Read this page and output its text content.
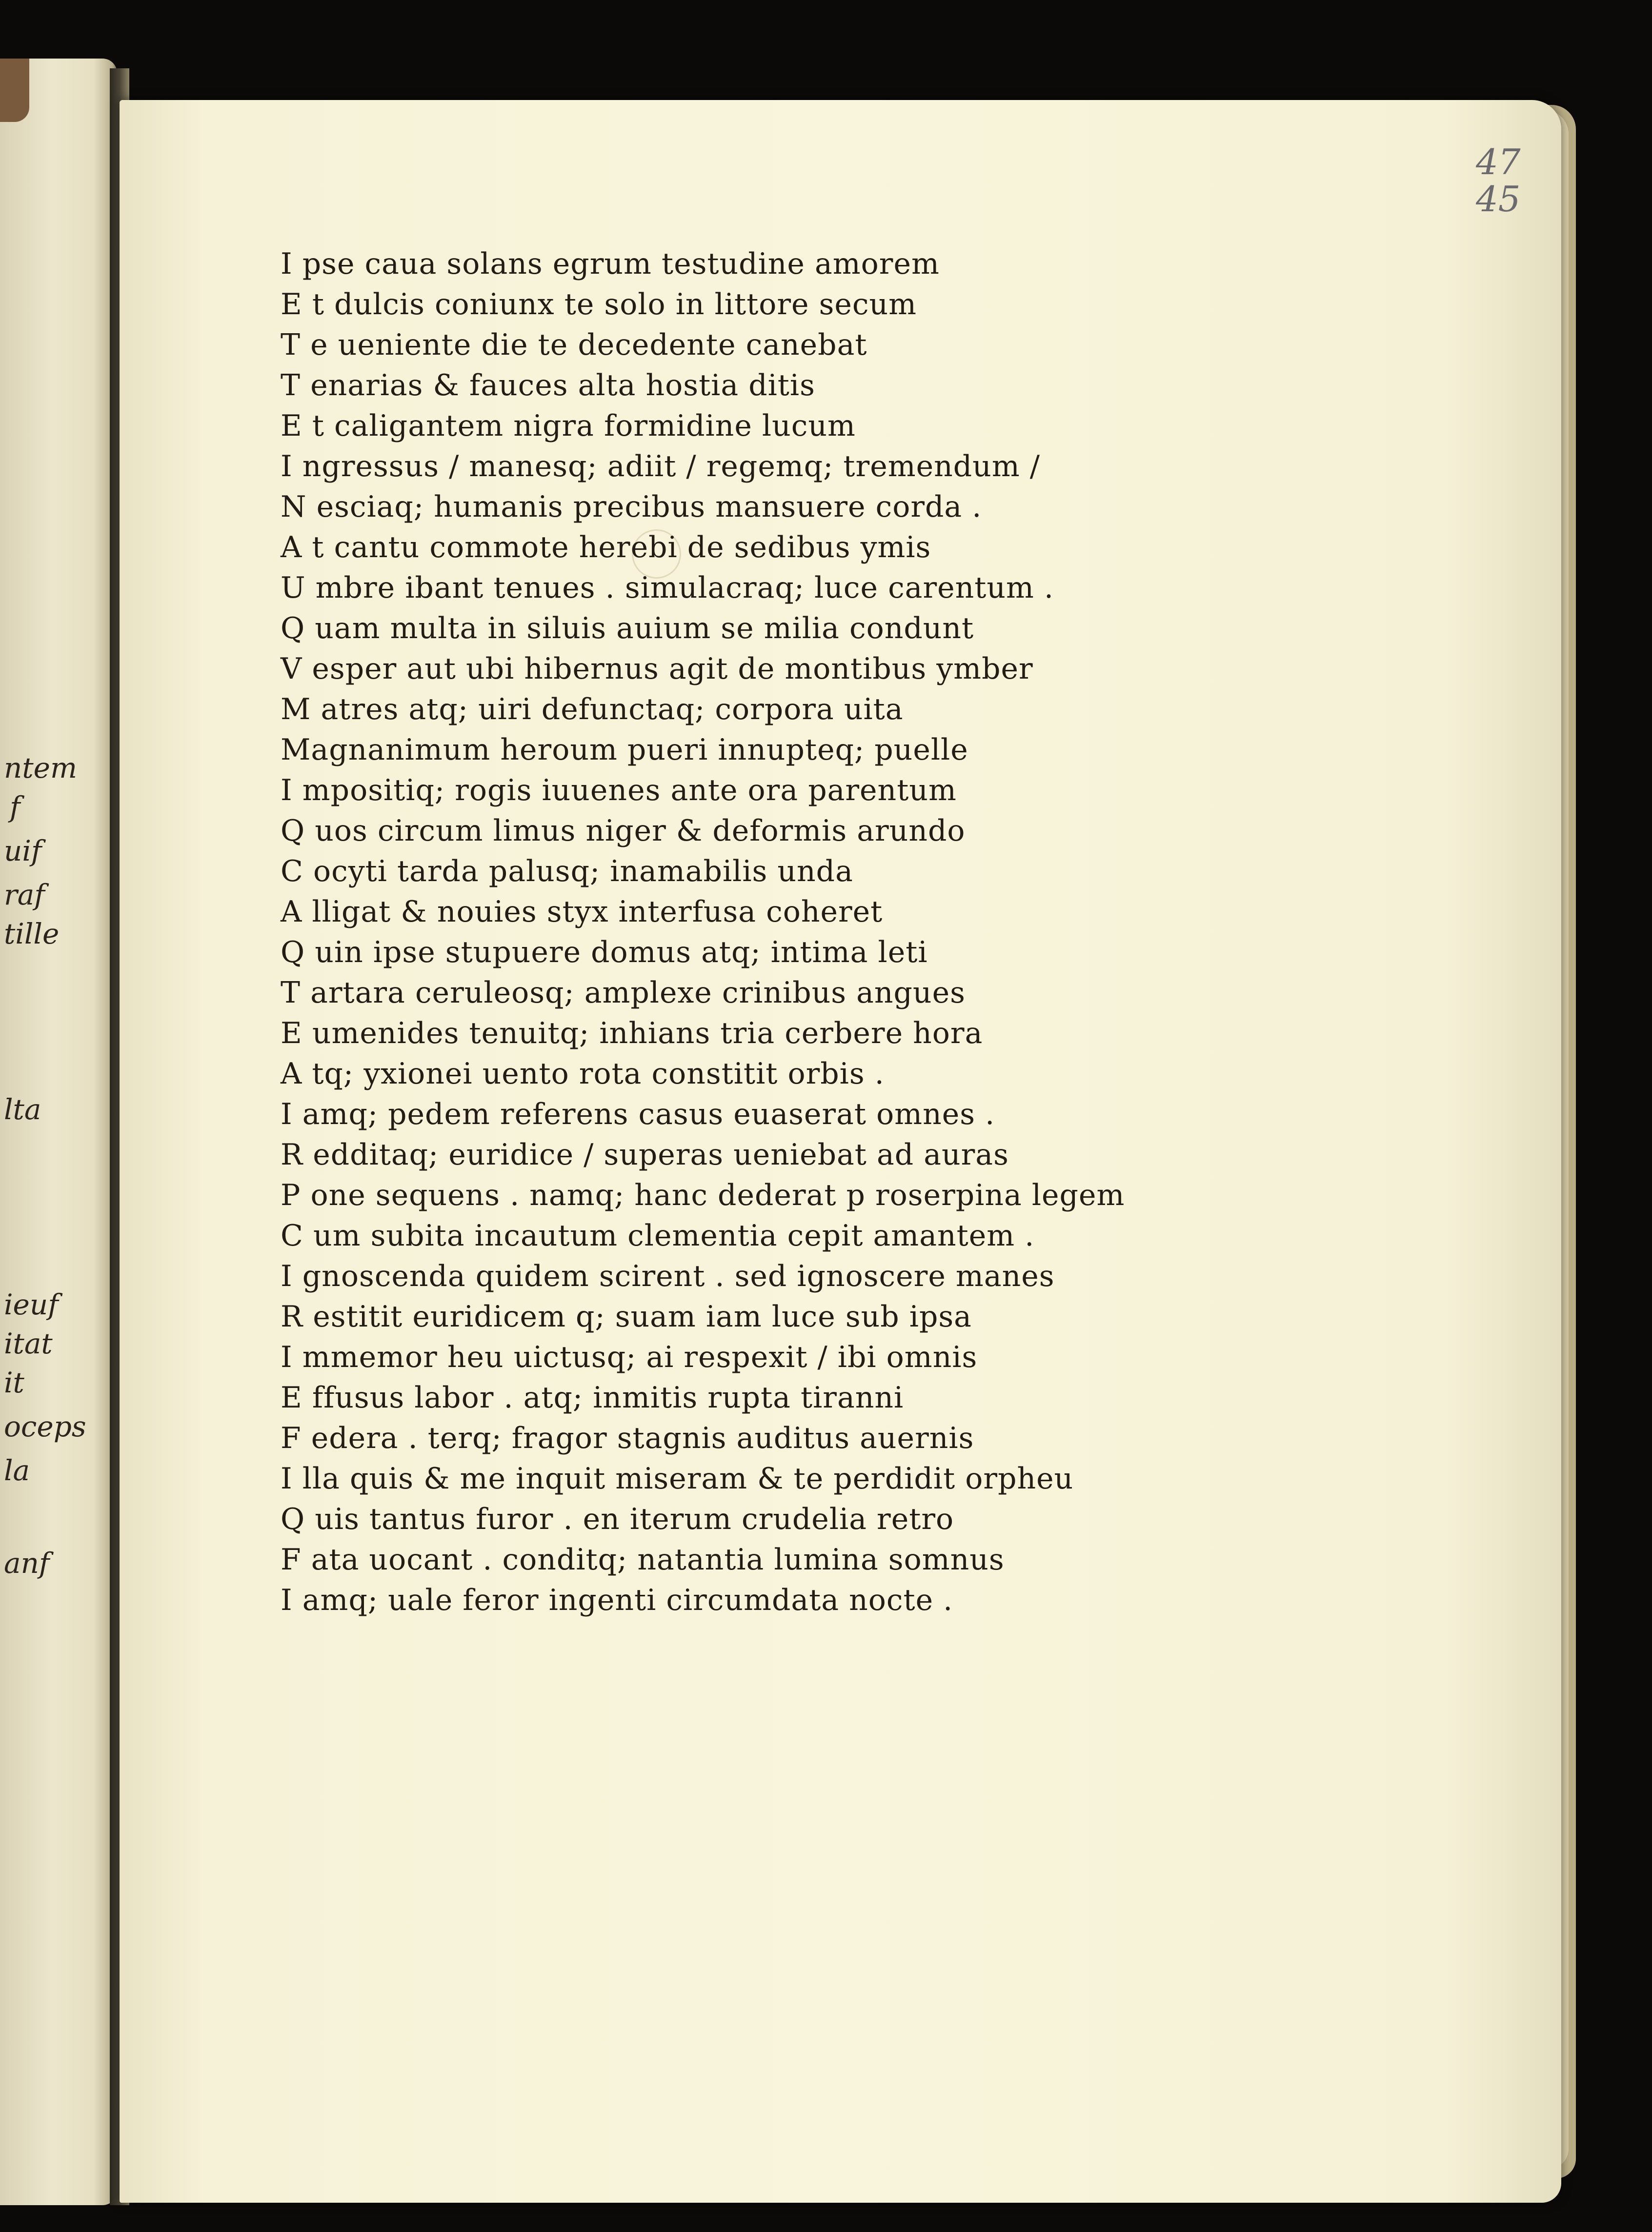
ntem
f
uif
raf
tille
lta
ieuf
itat
it
oceps
la
anf
47
45
I pse caua solans egrum testudine amorem
E t dulcis coniunx te solo in littore secum
T e ueniente die te decedente canebat
T enarias & fauces alta hostia ditis
E t caligantem nigra formidine lucum
I ngressus / manesq; adiit / regemq; tremendum /
N esciaq; humanis precibus mansuere corda .
A t cantu commote herebi de sedibus ymis
U mbre ibant tenues . simulacraq; luce carentum .
Q uam multa in siluis auium se milia condunt
V esper aut ubi hibernus agit de montibus ymber
M atres atq; uiri defunctaq; corpora uita
Magnanimum heroum pueri innupteq; puelle
I mpositiq; rogis iuuenes ante ora parentum
Q uos circum limus niger & deformis arundo
C ocyti tarda palusq; inamabilis unda
A lligat & nouies styx interfusa coheret
Q uin ipse stupuere domus atq; intima leti
T artara ceruleosq; amplexe crinibus angues
E umenides tenuitq; inhians tria cerbere hora
A tq; yxionei uento rota constitit orbis .
I amq; pedem referens casus euaserat omnes .
R edditaq; euridice / superas ueniebat ad auras
P one sequens . namq; hanc dederat p roserpina legem
C um subita incautum clementia cepit amantem .
I gnoscenda quidem scirent . sed ignoscere manes
R estitit euridicem q; suam iam luce sub ipsa
I mmemor heu uictusq; ai respexit / ibi omnis
E ffusus labor . atq; inmitis rupta tiranni
F edera . terq; fragor stagnis auditus auernis
I lla quis & me inquit miseram & te perdidit orpheu
Q uis tantus furor . en iterum crudelia retro
F ata uocant . conditq; natantia lumina somnus
I amq; uale feror ingenti circumdata nocte .
